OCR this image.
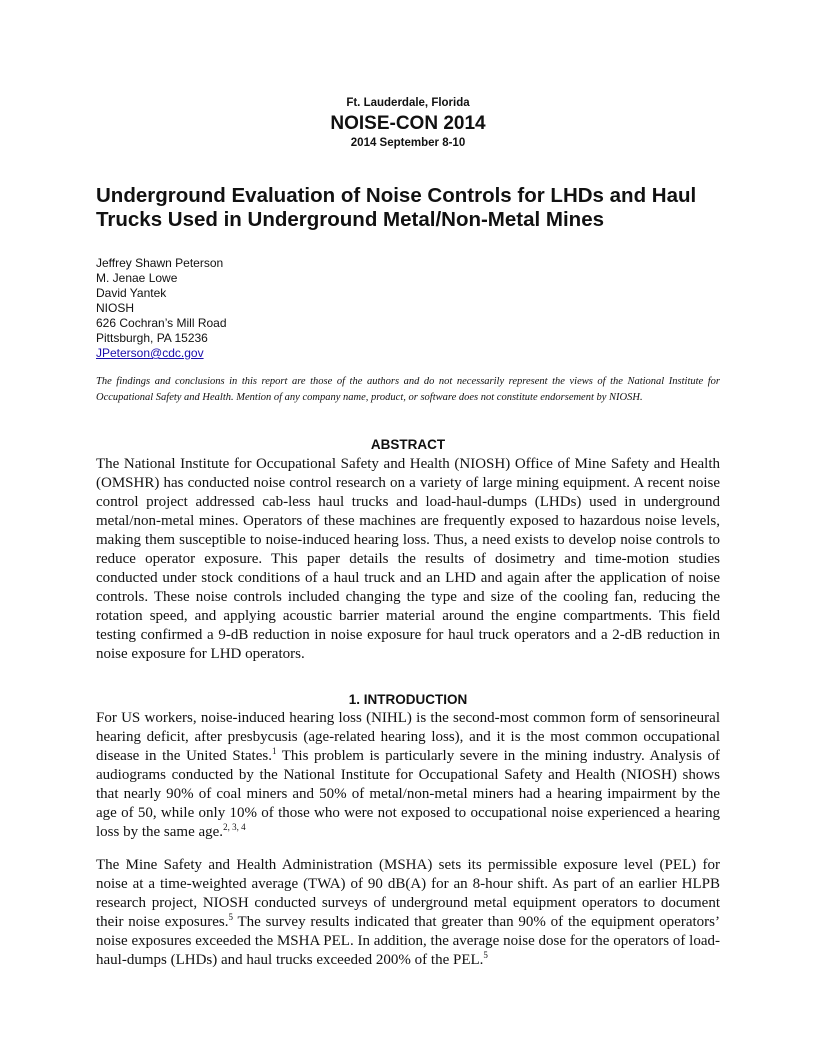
Ft. Lauderdale, Florida
NOISE-CON 2014
2014 September 8-10
Underground Evaluation of Noise Controls for LHDs and Haul Trucks Used in Underground Metal/Non-Metal Mines
Jeffrey Shawn Peterson
M. Jenae Lowe
David Yantek
NIOSH
626 Cochran’s Mill Road
Pittsburgh, PA 15236
JPeterson@cdc.gov
The findings and conclusions in this report are those of the authors and do not necessarily represent the views of the National Institute for Occupational Safety and Health. Mention of any company name, product, or software does not constitute endorsement by NIOSH.
ABSTRACT

The National Institute for Occupational Safety and Health (NIOSH) Office of Mine Safety and Health (OMSHR) has conducted noise control research on a variety of large mining equipment. A recent noise control project addressed cab-less haul trucks and load-haul-dumps (LHDs) used in underground metal/non-metal mines. Operators of these machines are frequently exposed to hazardous noise levels, making them susceptible to noise-induced hearing loss. Thus, a need exists to develop noise controls to reduce operator exposure. This paper details the results of dosimetry and time-motion studies conducted under stock conditions of a haul truck and an LHD and again after the application of noise controls. These noise controls included changing the type and size of the cooling fan, reducing the rotation speed, and applying acoustic barrier material around the engine compartments. This field testing confirmed a 9-dB reduction in noise exposure for haul truck operators and a 2-dB reduction in noise exposure for LHD operators.

1. INTRODUCTION

For US workers, noise-induced hearing loss (NIHL) is the second-most common form of sensorineural hearing deficit, after presbycusis (age-related hearing loss), and it is the most common occupational disease in the United States.$^1$ This problem is particularly severe in the mining industry. Analysis of audiograms conducted by the National Institute for Occupational Safety and Health (NIOSH) shows that nearly 90% of coal miners and 50% of metal/non-metal miners had a hearing impairment by the age of 50, while only 10% of those who were not exposed to occupational noise experienced a hearing loss by the same age.$^{2, 3, 4}$

The Mine Safety and Health Administration (MSHA) sets its permissible exposure level (PEL) for noise at a time-weighted average (TWA) of 90 dB(A) for an 8-hour shift. As part of an earlier HLPB research project, NIOSH conducted surveys of underground metal equipment operators to document their noise exposures.$^5$ The survey results indicated that greater than 90% of the equipment operators’ noise exposures exceeded the MSHA PEL. In addition, the average noise dose for the operators of load-haul-dumps (LHDs) and haul trucks exceeded 200% of the PEL.$^5$
